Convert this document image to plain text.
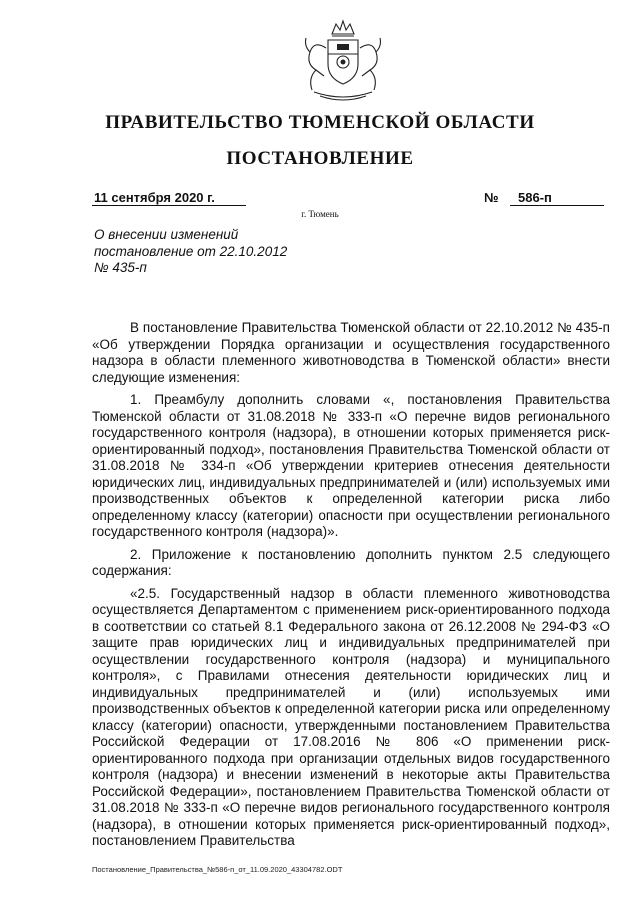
ПРАВИТЕЛЬСТВО ТЮМЕНСКОЙ ОБЛАСТИ
ПОСТАНОВЛЕНИЕ
11 сентября 2020 г.	№	586-п
г. Тюмень
О внесении изменений
постановление от 22.10.2012
№ 435-п

В постановление Правительства Тюменской области от 22.10.2012 № 435-п «Об утверждении Порядка организации и осуществления государственного надзора в области племенного животноводства в Тюменской области» внести следующие изменения:

1. Преамбулу дополнить словами «, постановления Правительства Тюменской области от 31.08.2018 № 333-п «О перечне видов регионального государственного контроля (надзора), в отношении которых применяется риск-ориентированный подход», постановления Правительства Тюменской области от 31.08.2018 № 334-п «Об утверждении критериев отнесения деятельности юридических лиц, индивидуальных предпринимателей и (или) используемых ими производственных объектов к определенной категории риска либо определенному классу (категории) опасности при осуществлении регионального государственного контроля (надзора)».

2. Приложение к постановлению дополнить пунктом 2.5 следующего содержания:

«2.5. Государственный надзор в области племенного животноводства осуществляется Департаментом с применением риск-ориентированного подхода в соответствии со статьей 8.1 Федерального закона от 26.12.2008 № 294-ФЗ «О защите прав юридических лиц и индивидуальных предпринимателей при осуществлении государственного контроля (надзора) и муниципального контроля», с Правилами отнесения деятельности юридических лиц и индивидуальных предпринимателей и (или) используемых ими производственных объектов к определенной категории риска или определенному классу (категории) опасности, утвержденными постановлением Правительства Российской Федерации от 17.08.2016 № 806 «О применении риск-ориентированного подхода при организации отдельных видов государственного контроля (надзора) и внесении изменений в некоторые акты Правительства Российской Федерации», постановлением Правительства Тюменской области от 31.08.2018 № 333-п «О перечне видов регионального государственного контроля (надзора), в отношении которых применяется риск-ориентированный подход», постановлением Правительства

Постановление_Правительства_№586-п_от_11.09.2020_43304782.ODT
